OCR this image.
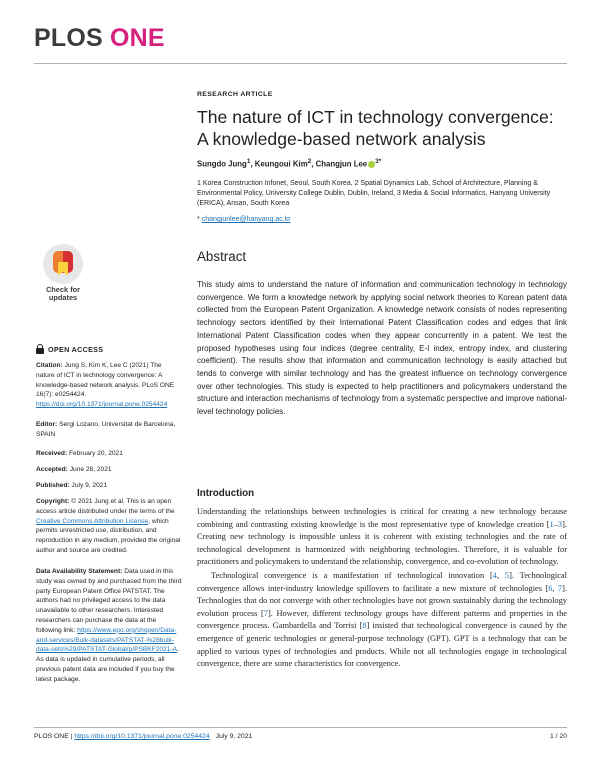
PLOS ONE
RESEARCH ARTICLE
The nature of ICT in technology convergence: A knowledge-based network analysis
Sungdo Jung$^1$, Keungoui Kim$^2$, Changjun Lee $^{3*}$
1 Korea Construction Infonet, Seoul, South Korea, 2 Spatial Dynamics Lab, School of Architecture, Planning & Environmental Policy, University College Dublin, Dublin, Ireland, 3 Media & Social Informatics, Hanyang University (ERICA), Ansan, South Korea
* changjunlee@hanyang.ac.kr
Check for
updates
OPEN ACCESS
Citation: Jung S, Kim K, Lee C (2021) The nature of ICT in technology convergence: A knowledge-based network analysis. PLoS ONE 16(7): e0254424. https://doi.org/10.1371/journal.pone.0254424
Editor: Sergi Lozano, Universitat de Barcelona, SPAIN
Received: February 20, 2021
Accepted: June 28, 2021
Published: July 9, 2021
Copyright: © 2021 Jung et al. This is an open access article distributed under the terms of the Creative Commons Attribution License, which permits unrestricted use, distribution, and reproduction in any medium, provided the original author and source are credited.
Data Availability Statement: Data used in this study was owned by and purchased from the third party European Patent Office PATSTAT. The authors had no privileged access to the data unavailable to other researchers. Interested researchers can purchase the data at the following link: https://www.epo.org/shopen/Data-and-services/Bulk-datasets/PATSTAT-%28bulk-data-sets%29/PATSTAT-Global/p/PSBKF2021-A. As data is updated in cumulative periods, all previous patent data are included if you buy the latest package.
Abstract
This study aims to understand the nature of information and communication technology in technology convergence. We form a knowledge network by applying social network theories to Korean patent data collected from the European Patent Organization. A knowledge network consists of nodes representing technology sectors identified by their International Patent Classification codes and edges that link International Patent Classification codes when they appear concurrently in a patent. We test the proposed hypotheses using four indices (degree centrality, E-I index, entropy index, and clustering coefficient). The results show that information and communication technology is easily attached but tends to converge with similar technology and has the greatest influence on technology convergence over other technologies. This study is expected to help practitioners and policymakers understand the structure and interaction mechanisms of technology from a systematic perspective and improve national-level technology policies.
Introduction

Understanding the relationships between technologies is critical for creating a new technology because combining and contrasting existing knowledge is the most representative type of knowledge creation [1–3]. Creating new technology is impossible unless it is coherent with existing technologies and the rate of technological development is harmonized with neighboring technologies. Therefore, it is valuable for practitioners and policymakers to understand the relationship, convergence, and co-evolution of technology.

Technological convergence is a manifestation of technological innovation [4, 5]. Technological convergence allows inter-industry knowledge spillovers to facilitate a new mixture of technologies [6, 7]. Technologies that do not converge with other technologies have not grown sustainably during the technology evolution process [7]. However, different technology groups have different patterns and properties in the convergence process. Gambardella and Torrisi [8] insisted that technological convergence is caused by the emergence of generic technologies or general-purpose technology (GPT). GPT is a technology that can be applied to various types of technologies and products. While not all technologies engage in technological convergence, there are some characteristics for convergence.

PLOS ONE | https://doi.org/10.1371/journal.pone.0254424 July 9, 2021	1 / 20
